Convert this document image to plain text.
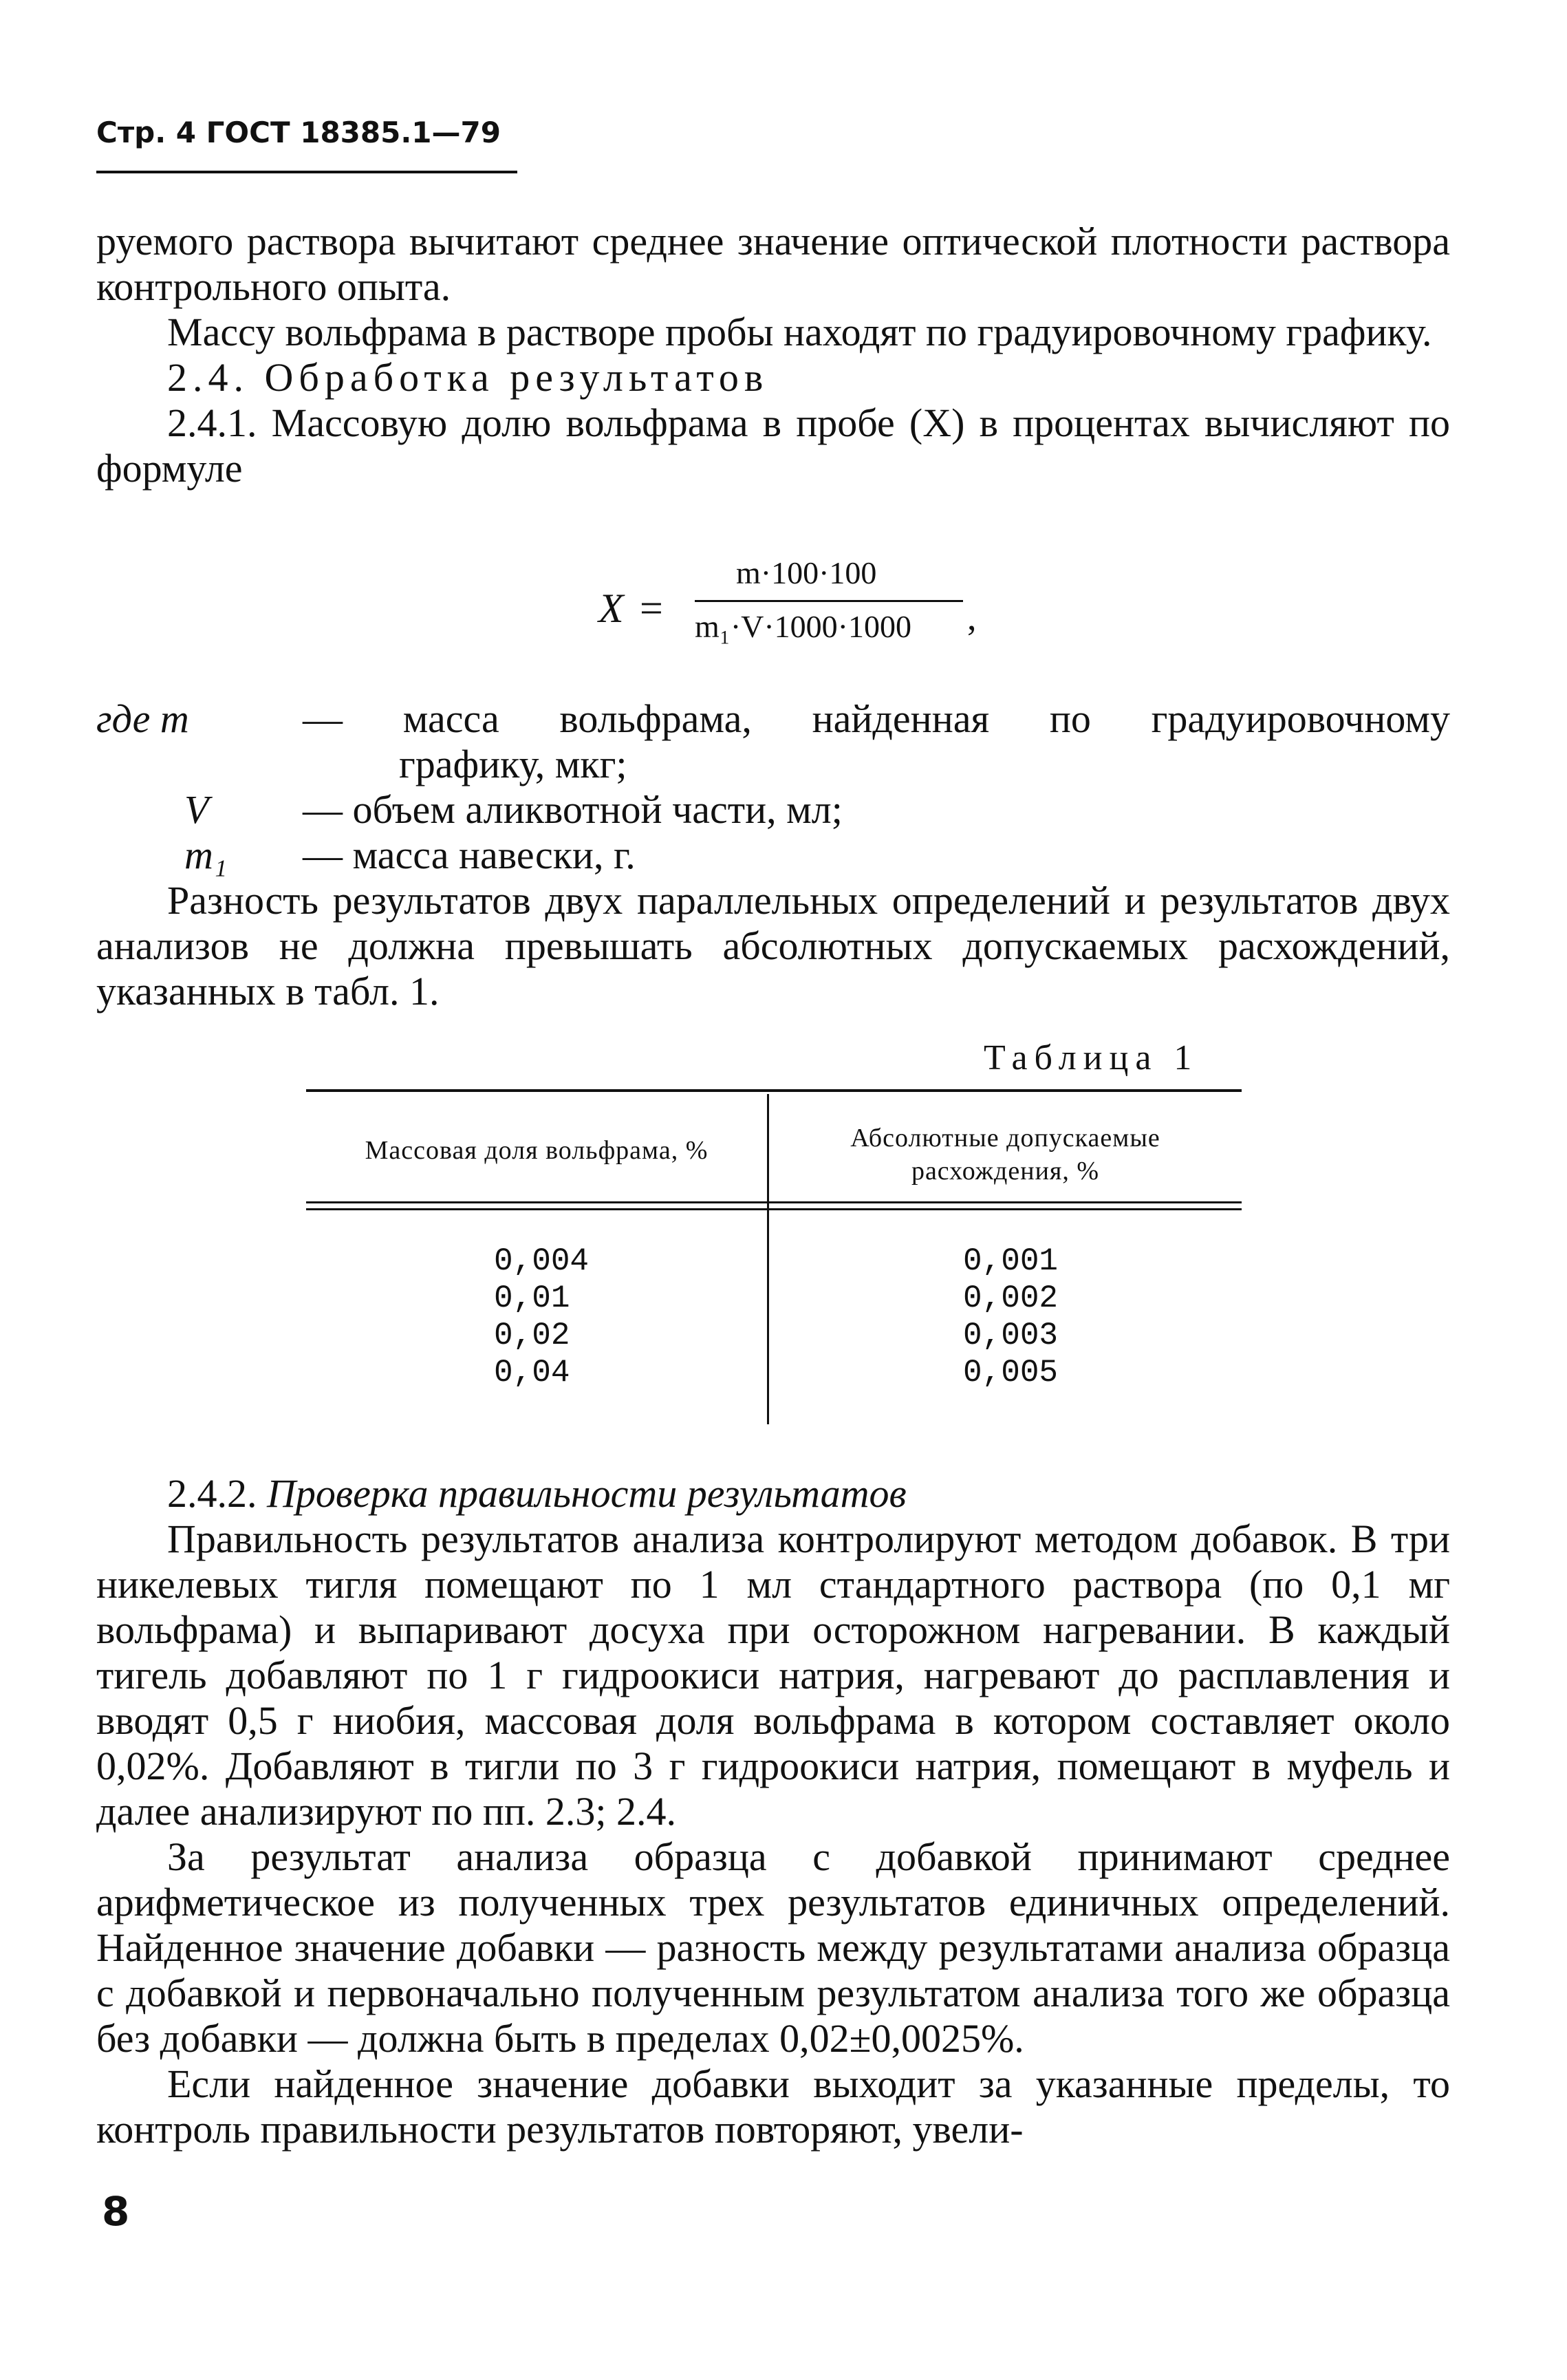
Стр. 4 ГОСТ 18385.1—79

руемого раствора вычитают среднее значение оптической плотности раствора контрольного опыта.

Массу вольфрама в растворе пробы находят по градуировочному графику.

2.4. Обработка результатов

2.4.1. Массовую долю вольфрама в пробе (X) в процентах вычисляют по формуле

X =
m·100·100
m₁·V·1000·1000 ,
где m	— масса вольфрама, найденная по градуировочному
графику, мкг;
V — объем аликвотной части, мл;
m₁ — масса навески, г.

Разность результатов двух параллельных определений и результатов двух анализов не должна превышать абсолютных допускаемых расхождений, указанных в табл. 1.

Таблица 1
Массовая доля вольфрама, %	Абсолютные допускаемые
расхождения, %
0,004
0,01
0,02
0,04
0,001
0,002
0,003
0,005

2.4.2. Проверка правильности результатов

Правильность результатов анализа контролируют методом добавок. В три никелевых тигля помещают по 1 мл стандартного раствора (по 0,1 мг вольфрама) и выпаривают досуха при осторожном нагревании. В каждый тигель добавляют по 1 г гидроокиси натрия, нагревают до расплавления и вводят 0,5 г ниобия, массовая доля вольфрама в котором составляет около 0,02%. Добавляют в тигли по 3 г гидроокиси натрия, помещают в муфель и далее анализируют по пп. 2.3; 2.4.

За результат анализа образца с добавкой принимают среднее арифметическое из полученных трех результатов единичных определений. Найденное значение добавки — разность между результатами анализа образца с добавкой и первоначально полученным результатом анализа того же образца без добавки — должна быть в пределах 0,02±0,0025%.

Если найденное значение добавки выходит за указанные пределы, то контроль правильности результатов повторяют, увели-

8
